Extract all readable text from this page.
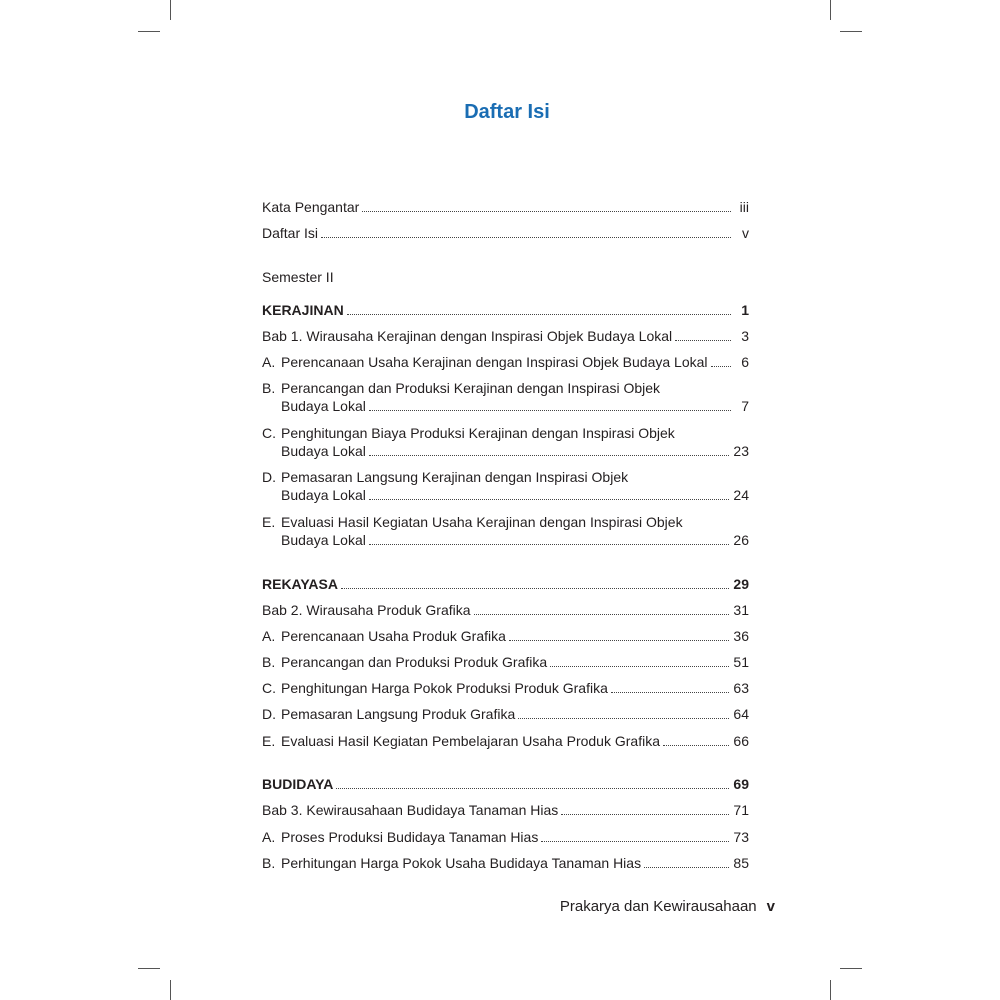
Daftar Isi
Kata Pengantar	iii
Daftar Isi	v
Semester II
KERAJINAN	1
Bab 1. Wirausaha Kerajinan dengan Inspirasi Objek Budaya Lokal	3
A. Perencanaan Usaha Kerajinan dengan Inspirasi Objek Budaya Lokal	6
B. Perancangan dan Produksi Kerajinan dengan Inspirasi Objek
Budaya Lokal	7
C. Penghitungan Biaya Produksi Kerajinan dengan Inspirasi Objek
Budaya Lokal	23
D. Pemasaran Langsung Kerajinan dengan Inspirasi Objek
Budaya Lokal	24
E. Evaluasi Hasil Kegiatan Usaha Kerajinan dengan Inspirasi Objek
Budaya Lokal	26
REKAYASA	29
Bab 2. Wirausaha Produk Grafika	31
A. Perencanaan Usaha Produk Grafika	36
B. Perancangan dan Produksi Produk Grafika	51
C. Penghitungan Harga Pokok Produksi Produk Grafika	63
D. Pemasaran Langsung Produk Grafika	64
E. Evaluasi Hasil Kegiatan Pembelajaran Usaha Produk Grafika	66
BUDIDAYA	69
Bab 3. Kewirausahaan Budidaya Tanaman Hias	71
A. Proses Produksi Budidaya Tanaman Hias	73
B. Perhitungan Harga Pokok Usaha Budidaya Tanaman Hias	85
Prakarya dan Kewirausahaan v
